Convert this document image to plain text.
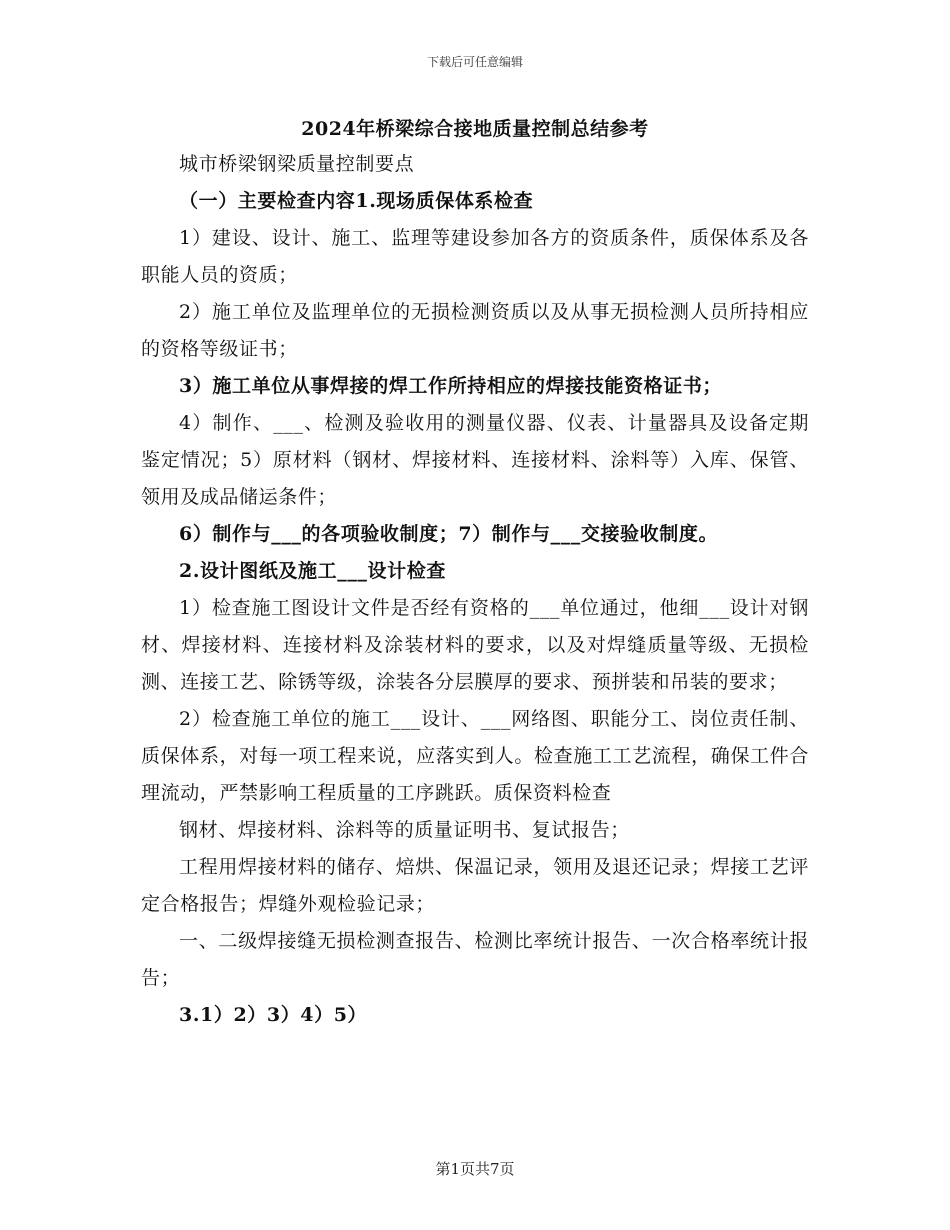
下载后可任意编辑
2024年桥梁综合接地质量控制总结参考

城市桥梁钢梁质量控制要点

（一）主要检查内容1.现场质保体系检查

1）建设、设计、施工、监理等建设参加各方的资质条件，质保体系及各职能人员的资质；

2）施工单位及监理单位的无损检测资质以及从事无损检测人员所持相应的资格等级证书；

3）施工单位从事焊接的焊工作所持相应的焊接技能资格证书；

4）制作、___、检测及验收用的测量仪器、仪表、计量器具及设备定期鉴定情况；5）原材料（钢材、焊接材料、连接材料、涂料等）入库、保管、领用及成品储运条件；

6）制作与___的各项验收制度；7）制作与___交接验收制度。

2.设计图纸及施工___设计检查

1）检查施工图设计文件是否经有资格的___单位通过，他细___设计对钢材、焊接材料、连接材料及涂装材料的要求，以及对焊缝质量等级、无损检测、连接工艺、除锈等级，涂装各分层膜厚的要求、预拼装和吊装的要求；

2）检查施工单位的施工___设计、___网络图、职能分工、岗位责任制、质保体系，对每一项工程来说，应落实到人。检查施工工艺流程，确保工件合理流动，严禁影响工程质量的工序跳跃。质保资料检查

钢材、焊接材料、涂料等的质量证明书、复试报告；

工程用焊接材料的储存、焙烘、保温记录，领用及退还记录；焊接工艺评定合格报告；焊缝外观检验记录；

一、二级焊接缝无损检测查报告、检测比率统计报告、一次合格率统计报告；

3.1）2）3）4）5）

第1页共7页
